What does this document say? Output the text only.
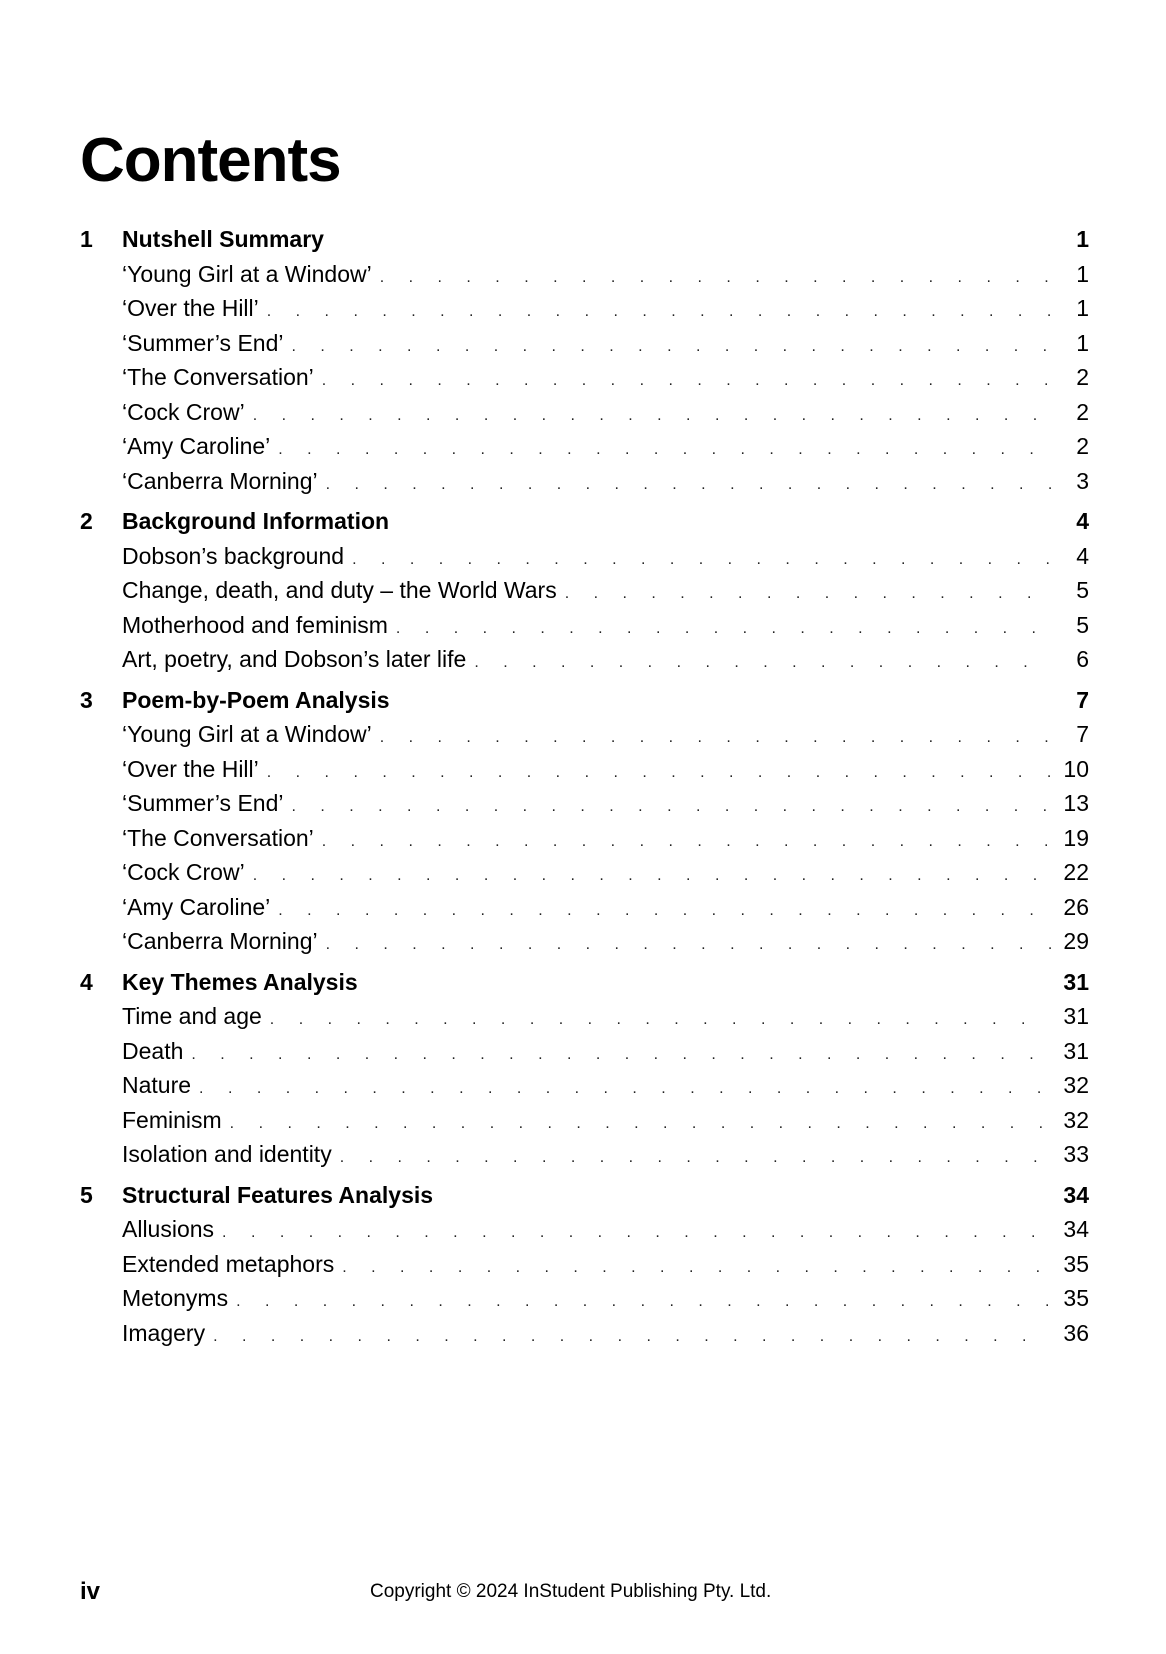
Contents
1	Nutshell Summary	1
‘Young Girl at a Window’ . . .	1
‘Over the Hill’ . . .	1
‘Summer’s End’ . . .	1
‘The Conversation’ . . .	2
‘Cock Crow’ . . .	2
‘Amy Caroline’ . . .	2
‘Canberra Morning’ . . .	3
2	Background Information	4
Dobson’s background . . .	4
Change, death, and duty – the World Wars . . .	5
Motherhood and feminism . . .	5
Art, poetry, and Dobson’s later life . . .	6
3	Poem-by-Poem Analysis	7
‘Young Girl at a Window’ . . .	7
‘Over the Hill’ . . .	10
‘Summer’s End’ . . .	13
‘The Conversation’ . . .	19
‘Cock Crow’ . . .	22
‘Amy Caroline’ . . .	26
‘Canberra Morning’ . . .	29
4	Key Themes Analysis	31
Time and age . . .	31
Death . . .	31
Nature . . .	32
Feminism . . .	32
Isolation and identity . . .	33
5	Structural Features Analysis	34
Allusions . . .	34
Extended metaphors . . .	35
Metonyms . . .	35
Imagery . . .	36
iv	Copyright © 2024 InStudent Publishing Pty. Ltd.
